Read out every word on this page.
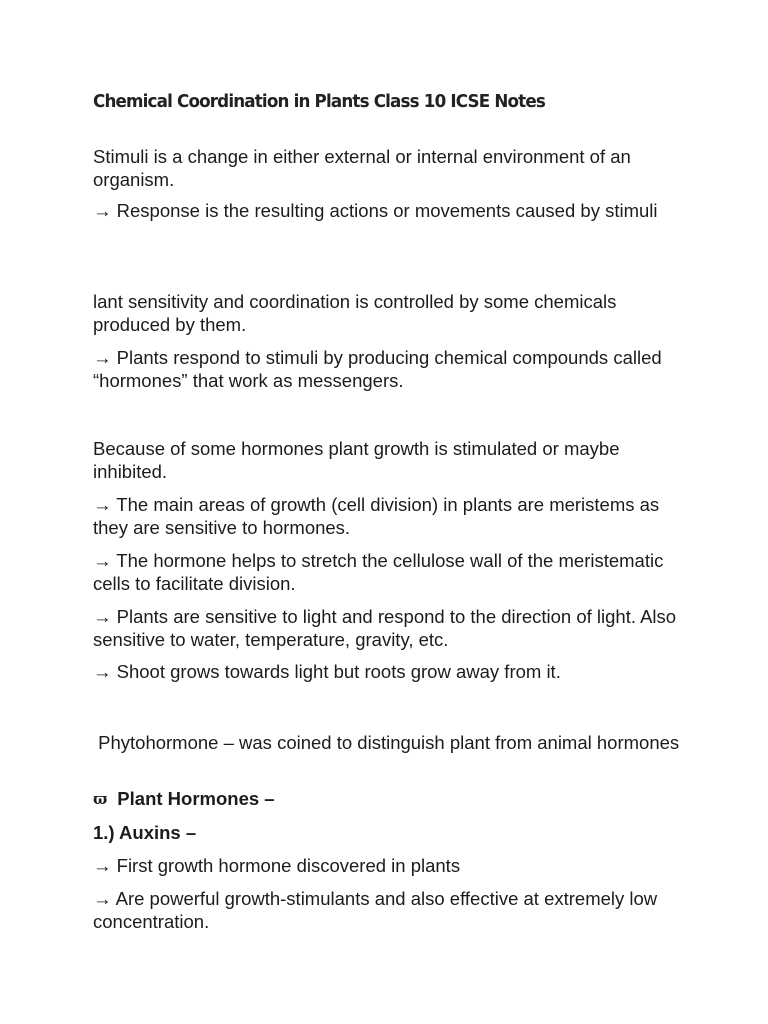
Chemical Coordination in Plants Class 10 ICSE Notes

Stimuli is a change in either external or internal environment of an organism.

→ Response is the resulting actions or movements caused by stimuli

lant sensitivity and coordination is controlled by some chemicals produced by them.

→ Plants respond to stimuli by producing chemical compounds called “hormones” that work as messengers.

Because of some hormones plant growth is stimulated or maybe inhibited.

→ The main areas of growth (cell division) in plants are meristems as they are sensitive to hormones.

→ The hormone helps to stretch the cellulose wall of the meristematic cells to facilitate division.

→ Plants are sensitive to light and respond to the direction of light. Also sensitive to water, temperature, gravity, etc.

→ Shoot grows towards light but roots grow away from it.

Phytohormone – was coined to distinguish plant from animal hormones

ϖ Plant Hormones –

1.) Auxins –

→ First growth hormone discovered in plants

→ Are powerful growth-stimulants and also effective at extremely low concentration.
